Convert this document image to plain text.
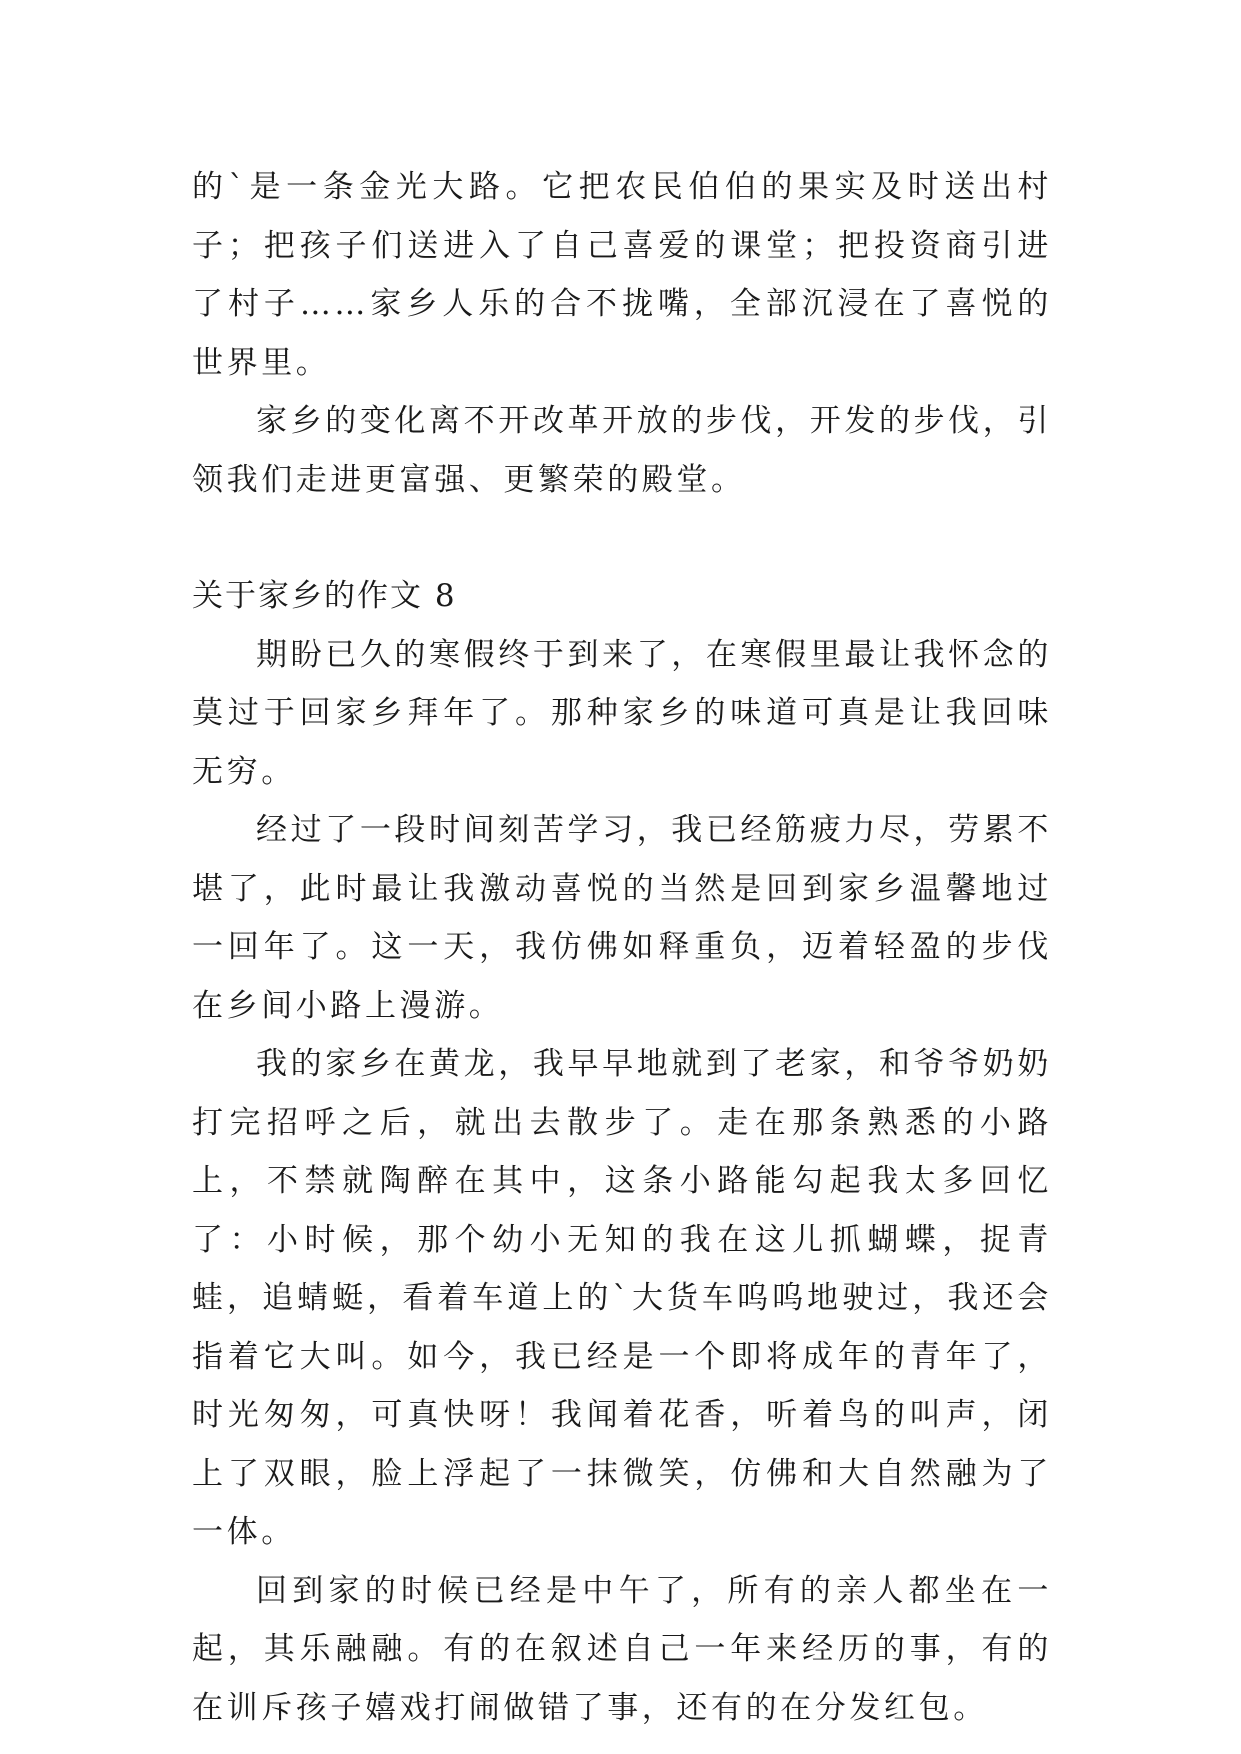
的`是一条金光大路。它把农民伯伯的果实及时送出村子；把孩子们送进入了自己喜爱的课堂；把投资商引进了村子……家乡人乐的合不拢嘴，全部沉浸在了喜悦的世界里。

家乡的变化离不开改革开放的步伐，开发的步伐，引领我们走进更富强、更繁荣的殿堂。

关于家乡的作文 8

期盼已久的寒假终于到来了，在寒假里最让我怀念的莫过于回家乡拜年了。那种家乡的味道可真是让我回味无穷。

经过了一段时间刻苦学习，我已经筋疲力尽，劳累不堪了，此时最让我激动喜悦的当然是回到家乡温馨地过一回年了。这一天，我仿佛如释重负，迈着轻盈的步伐在乡间小路上漫游。

我的家乡在黄龙，我早早地就到了老家，和爷爷奶奶打完招呼之后，就出去散步了。走在那条熟悉的小路上，不禁就陶醉在其中，这条小路能勾起我太多回忆了：小时候，那个幼小无知的我在这儿抓蝴蝶，捉青蛙，追蜻蜓，看着车道上的`大货车呜呜地驶过，我还会指着它大叫。如今，我已经是一个即将成年的青年了，时光匆匆，可真快呀！我闻着花香，听着鸟的叫声，闭上了双眼，脸上浮起了一抹微笑，仿佛和大自然融为了一体。

回到家的时候已经是中午了，所有的亲人都坐在一起，其乐融融。有的在叙述自己一年来经历的事，有的在训斥孩子嬉戏打闹做错了事，还有的在分发红包。
